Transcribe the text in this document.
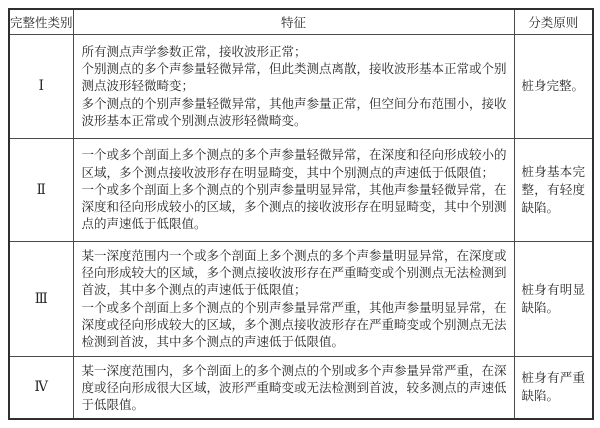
完整性类别	特征	分类原则
Ⅰ	所有测点声学参数正常，接收波形正常；
个别测点的多个声参量轻微异常，但此类测点离散，接收波形基本正常或个别测点波形轻微畸变；
多个测点的个别声参量轻微异常，其他声参量正常，但空间分布范围小，接收波形基本正常或个别测点波形轻微畸变。	桩身完整。
Ⅱ	一个或多个剖面上多个测点的多个声参量轻微异常，在深度和径向形成较小的区域，多个测点接收波形存在明显畸变，其中个别测点的声速低于低限值；
一个或多个剖面上多个测点的个别声参量明显异常，其他声参量轻微异常，在深度和径向形成较小的区域，多个测点的接收波形存在明显畸变，其中个别测点的声速低于低限值。	桩身基本完整，有轻度缺陷。
Ⅲ	某一深度范围内一个或多个剖面上多个测点的多个声参量明显异常，在深度或径向形成较大的区域，多个测点接收波形存在严重畸变或个别测点无法检测到首波，其中多个测点的声速低于低限值；
一个或多个剖面上多个测点的个别声参量异常严重，其他声参量明显异常，在深度或径向形成较大的区域，多个测点接收波形存在严重畸变或个别测点无法检测到首波，其中多个测点的声速低于低限值。	桩身有明显缺陷。
Ⅳ	某一深度范围内，多个剖面上的多个测点的个别或多个声参量异常严重，在深度或径向形成很大区域，波形严重畸变或无法检测到首波，较多测点的声速低于低限值。	桩身有严重缺陷。
